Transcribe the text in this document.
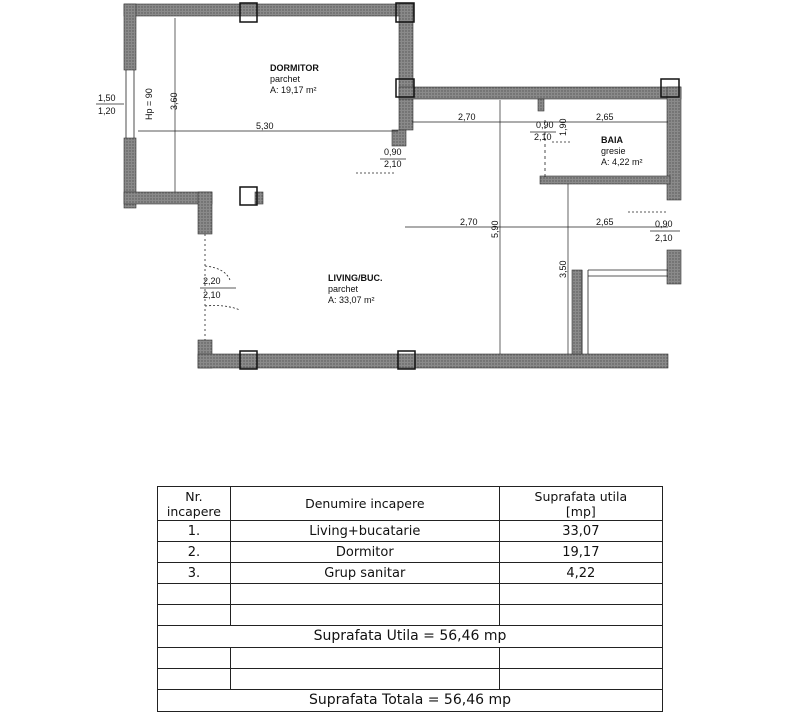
DORMITOR
parchet
A: 19,17 m²
LIVING/BUC.
parchet
A: 33,07 m²
BAIA
gresie
A: 4,22 m²
1,50
1,20	Hp = 90 3,60
5,30
0,90
2,10
2,70	2,65
0,90
2,10
1,90
2,70	2,65	0,90
2,10
2,20
2,10
5,90
3,50
Nr.
incapere	Denumire incapere	Suprafata utila
[mp]
1.	Living+bucatarie	33,07
2.	Dormitor	19,17
3.	Grup sanitar	4,22

Suprafata Utila = 56,46 mp		

Suprafata Totala = 56,46 mp		
